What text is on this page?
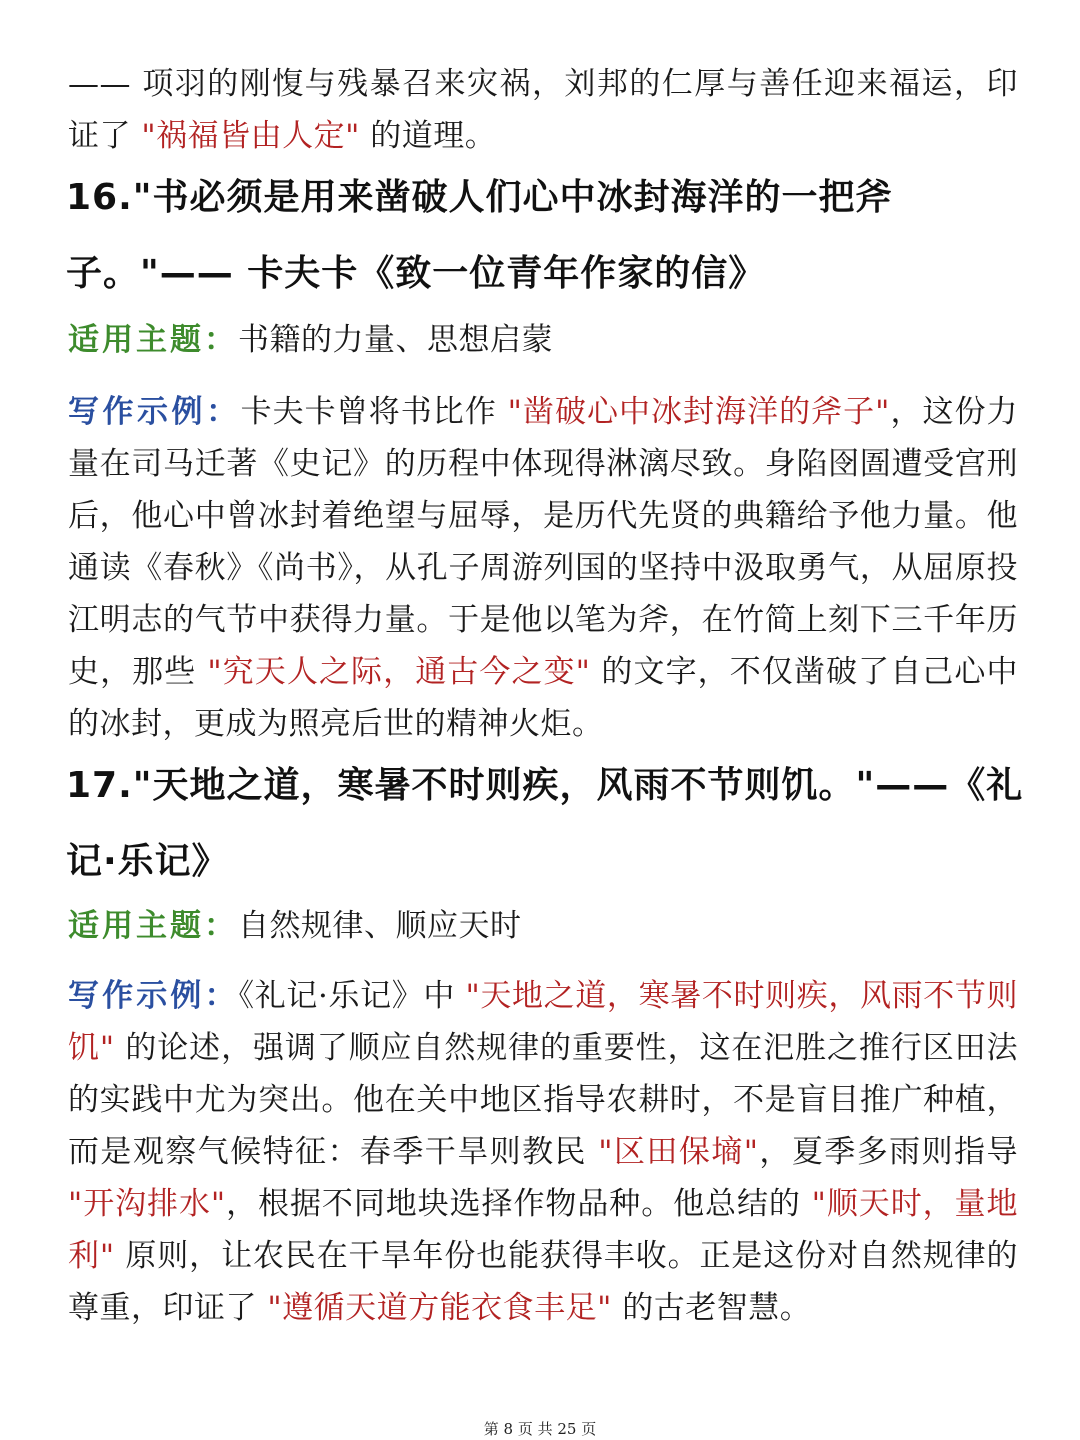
—— 项羽的刚愎与残暴召来灾祸，刘邦的仁厚与善任迎来福运，印证了 "祸福皆由人定" 的道理。

16."书必须是用来凿破人们心中冰封海洋的一把斧子。"—— 卡夫卡《致一位青年作家的信》

适用主题：书籍的力量、思想启蒙

写作示例：卡夫卡曾将书比作 "凿破心中冰封海洋的斧子"，这份力量在司马迁著《史记》的历程中体现得淋漓尽致。身陷囹圄遭受宫刑后，他心中曾冰封着绝望与屈辱，是历代先贤的典籍给予他力量。他通读《春秋》《尚书》，从孔子周游列国的坚持中汲取勇气，从屈原投江明志的气节中获得力量。于是他以笔为斧，在竹简上刻下三千年历史，那些 "究天人之际，通古今之变" 的文字，不仅凿破了自己心中的冰封，更成为照亮后世的精神火炬。

17."天地之道，寒暑不时则疾，风雨不节则饥。"——《礼记·乐记》

适用主题：自然规律、顺应天时

写作示例：《礼记·乐记》中 "天地之道，寒暑不时则疾，风雨不节则饥" 的论述，强调了顺应自然规律的重要性，这在汜胜之推行区田法的实践中尤为突出。他在关中地区指导农耕时，不是盲目推广种植，而是观察气候特征：春季干旱则教民 "区田保墒"，夏季多雨则指导 "开沟排水"，根据不同地块选择作物品种。他总结的 "顺天时，量地利" 原则，让农民在干旱年份也能获得丰收。正是这份对自然规律的尊重，印证了 "遵循天道方能衣食丰足" 的古老智慧。

第 8 页 共 25 页
